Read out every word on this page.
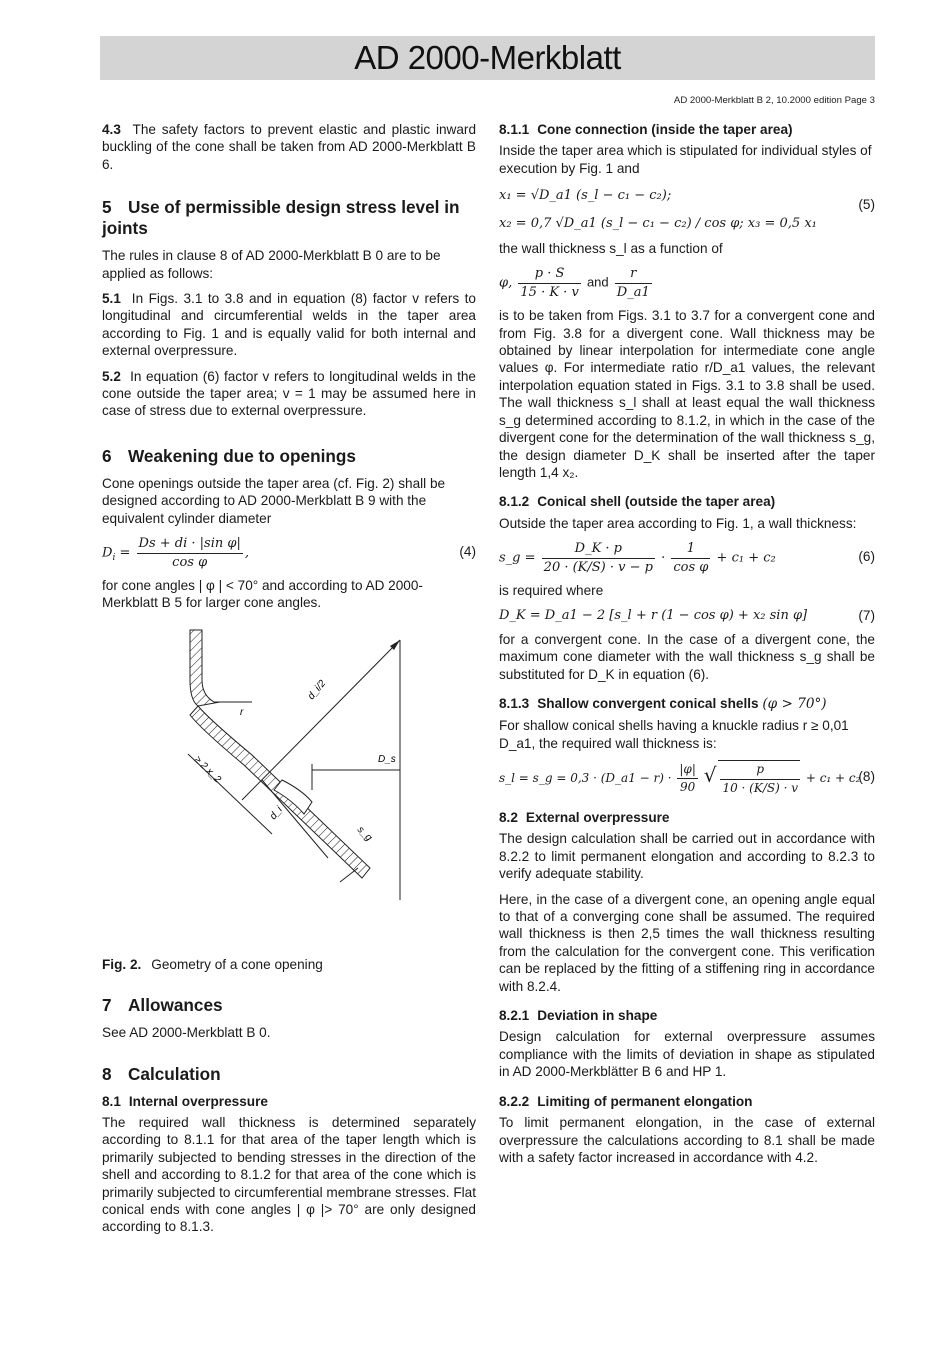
AD 2000-Merkblatt
AD 2000-Merkblatt B 2, 10.2000 edition Page 3

4.3 The safety factors to prevent elastic and plastic inward buckling of the cone shall be taken from AD 2000-Merkblatt B 6.

5 Use of permissible design stress level in joints

The rules in clause 8 of AD 2000-Merkblatt B 0 are to be applied as follows:

5.1 In Figs. 3.1 to 3.8 and in equation (8) factor v refers to longitudinal and circumferential welds in the taper area according to Fig. 1 and is equally valid for both internal and external overpressure.

5.2 In equation (6) factor v refers to longitudinal welds in the cone outside the taper area; v = 1 may be assumed here in case of stress due to external overpressure.

6 Weakening due to openings

Cone openings outside the taper area (cf. Fig. 2) shall be designed according to AD 2000-Merkblatt B 9 with the equivalent cylinder diameter

$D_i = \frac{\text{Ds + di · |sin φ|}}{\text{cos φ}}$ ,	(4)

for cone angles | φ | < 70° and according to AD 2000-Merkblatt B 5 for larger cone angles.

r
d_i/2
D_s
≥ 2 x_2
d_i
s_g

Fig. 2. Geometry of a cone opening

7 Allowances

See AD 2000-Merkblatt B 0.

8 Calculation
8.1 Internal overpressure

The required wall thickness is determined separately according to 8.1.1 for that area of the taper length which is primarily subjected to bending stresses in the direction of the shell and according to 8.1.2 for that area of the cone which is primarily subjected to circumferential membrane stresses. Flat conical ends with cone angles | φ |> 70° are only designed according to 8.1.3.

8.1.1 Cone connection (inside the taper area)

Inside the taper area which is stipulated for individual styles of execution by Fig. 1 and

x₁ = √D_a1 (s_l − c₁ − c₂);
x₂ = 0,7 √D_a1 (s_l − c₁ − c₂) / cos φ; x₃ = 0,5 x₁
(5)

the wall thickness s_l as a function of

φ, $\frac{p \cdot S}{15 \cdot K \cdot v}$ and $\frac{r}{D\_a1}$

is to be taken from Figs. 3.1 to 3.7 for a convergent cone and from Fig. 3.8 for a divergent cone. Wall thickness may be obtained by linear interpolation for intermediate cone angle values φ. For intermediate ratio r/D_a1 values, the relevant interpolation equation stated in Figs. 3.1 to 3.8 shall be used. The wall thickness s_l shall at least equal the wall thickness s_g determined according to 8.1.2, in which in the case of the divergent cone for the determination of the wall thickness s_g, the design diameter D_K shall be inserted after the taper length 1,4 x₂.

8.1.2 Conical shell (outside the taper area)

Outside the taper area according to Fig. 1, a wall thickness:

s_g = $\frac{D\_K \cdot p}{20 \cdot (K/S) \cdot v - p} \cdot \frac{1}{\text{cos φ}} + c_1 + c_2$	(6)

is required where

D_K = D_a1 − 2 [s_l + r (1 − cos φ) + x₂ sin φ]	(7)

for a convergent cone. In the case of a divergent cone, the maximum cone diameter with the wall thickness s_g shall be substituted for D_K in equation (6).

8.1.3 Shallow convergent conical shells (φ > 70°)

For shallow conical shells having a knuckle radius r ≥ 0,01 D_a1, the required wall thickness is:

s_l = s_g = 0,3 · (D_a1 − $r) \cdot \frac{|\varphi|}{90}$ √ $\frac{p}{10 \cdot (K/S) \cdot v} + c_1 + c_2$
(8)
8.2 External overpressure

The design calculation shall be carried out in accordance with 8.2.2 to limit permanent elongation and according to 8.2.3 to verify adequate stability.

Here, in the case of a divergent cone, an opening angle equal to that of a converging cone shall be assumed. The required wall thickness is then 2,5 times the wall thickness resulting from the calculation for the convergent cone. This verification can be replaced by the fitting of a stiffening ring in accordance with 8.2.4.

8.2.1 Deviation in shape

Design calculation for external overpressure assumes compliance with the limits of deviation in shape as stipulated in AD 2000-Merkblätter B 6 and HP 1.

8.2.2 Limiting of permanent elongation

To limit permanent elongation, in the case of external overpressure the calculations according to 8.1 shall be made with a safety factor increased in accordance with 4.2.
